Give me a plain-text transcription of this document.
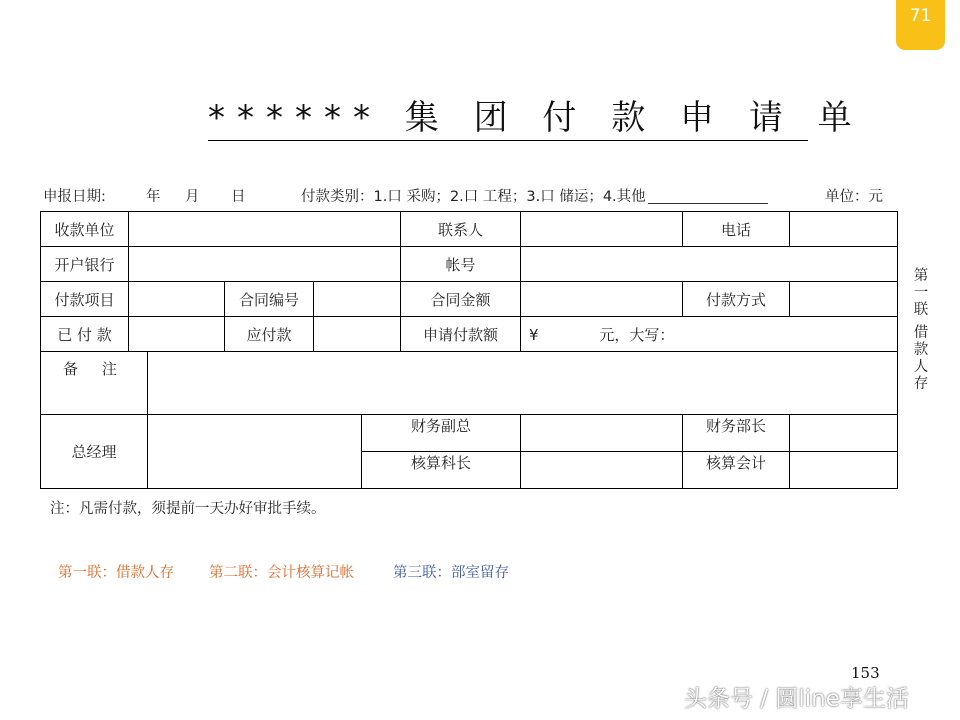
71
****** 集 团 付 款 申 请 单
申报日期:	年 月 日	付款类别：1.口 采购；2.口 工程；3.口 储运；4.其他	单位：元
收款单位						联系人		电话	
开户银行						帐号			
付款项目			合同编号			合同金额		付款方式	
已 付 款			应付款			申请付款额	¥ 元，大写：		
备     注									
总经理					财务副总			财务部长	
					核算科长			核算会计	
第
一
联
借
款
人
存
注：凡需付款，须提前一天办好审批手续。
第一联：借款人存 第二联：会计核算记帐	第三联：部室留存
153
头条号 / 圆line享生活
